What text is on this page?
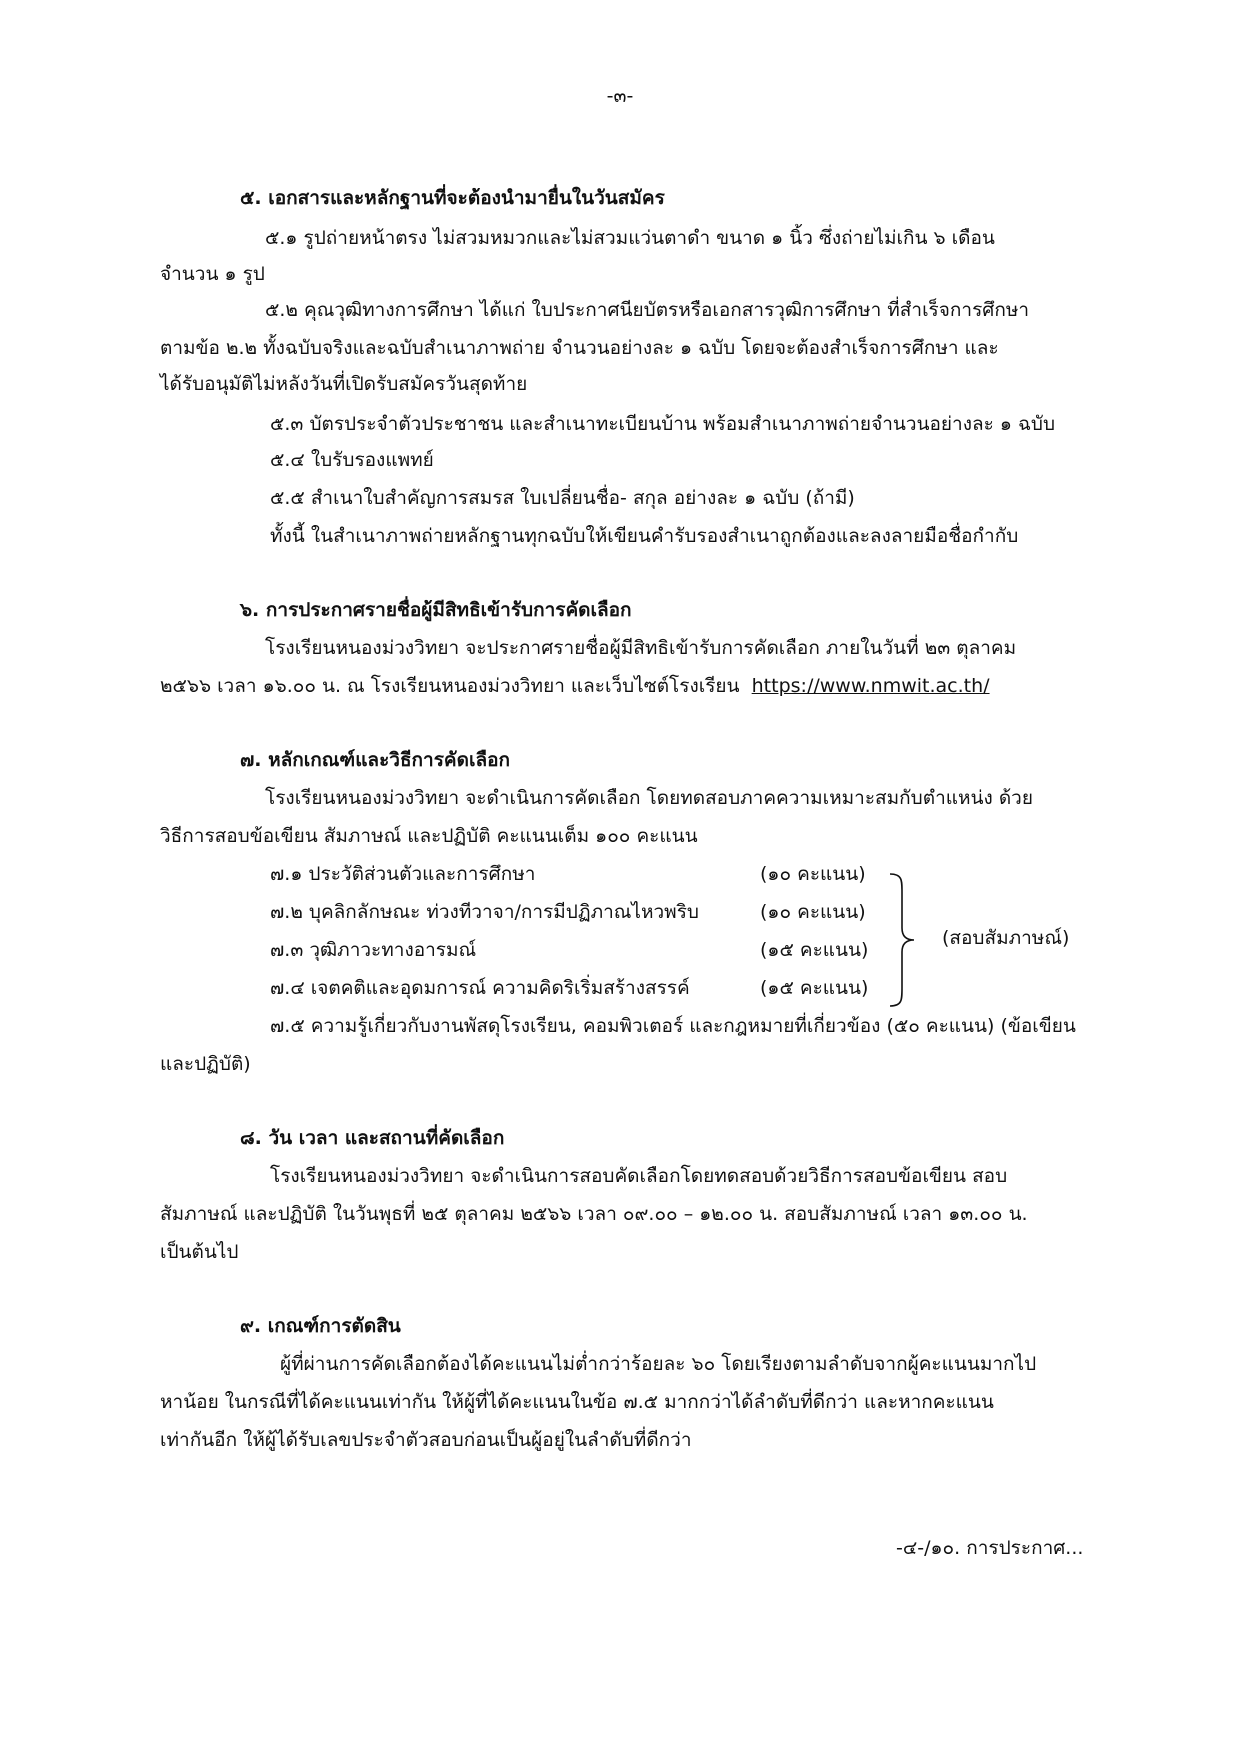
-๓-
๕. เอกสารและหลักฐานที่จะต้องนำมายื่นในวันสมัคร
๕.๑ รูปถ่ายหน้าตรง ไม่สวมหมวกและไม่สวมแว่นตาดำ ขนาด ๑ นิ้ว ซึ่งถ่ายไม่เกิน ๖ เดือน
จำนวน ๑ รูป
๕.๒ คุณวุฒิทางการศึกษา ได้แก่ ใบประกาศนียบัตรหรือเอกสารวุฒิการศึกษา ที่สำเร็จการศึกษา
ตามข้อ ๒.๒ ทั้งฉบับจริงและฉบับสำเนาภาพถ่าย จำนวนอย่างละ ๑ ฉบับ โดยจะต้องสำเร็จการศึกษา และ
ได้รับอนุมัติไม่หลังวันที่เปิดรับสมัครวันสุดท้าย
๕.๓ บัตรประจำตัวประชาชน และสำเนาทะเบียนบ้าน พร้อมสำเนาภาพถ่ายจำนวนอย่างละ ๑ ฉบับ
๕.๔ ใบรับรองแพทย์
๕.๕ สำเนาใบสำคัญการสมรส ใบเปลี่ยนชื่อ- สกุล อย่างละ ๑ ฉบับ (ถ้ามี)
ทั้งนี้ ในสำเนาภาพถ่ายหลักฐานทุกฉบับให้เขียนคำรับรองสำเนาถูกต้องและลงลายมือชื่อกำกับ
๖. การประกาศรายชื่อผู้มีสิทธิเข้ารับการคัดเลือก
โรงเรียนหนองม่วงวิทยา จะประกาศรายชื่อผู้มีสิทธิเข้ารับการคัดเลือก ภายในวันที่ ๒๓ ตุลาคม
๒๕๖๖ เวลา ๑๖.๐๐ น. ณ โรงเรียนหนองม่วงวิทยา และเว็บไซต์โรงเรียน https://www.nmwit.ac.th/
๗. หลักเกณฑ์และวิธีการคัดเลือก
โรงเรียนหนองม่วงวิทยา จะดำเนินการคัดเลือก โดยทดสอบภาคความเหมาะสมกับตำแหน่ง ด้วย
วิธีการสอบข้อเขียน สัมภาษณ์ และปฏิบัติ คะแนนเต็ม ๑๐๐ คะแนน
๗.๑ ประวัติส่วนตัวและการศึกษา	(๑๐ คะแนน)
๗.๒ บุคลิกลักษณะ ท่วงทีวาจา/การมีปฏิภาณไหวพริบ	(๑๐ คะแนน)
๗.๓ วุฒิภาวะทางอารมณ์	(๑๕ คะแนน)
๗.๔ เจตคติและอุดมการณ์ ความคิดริเริ่มสร้างสรรค์	(๑๕ คะแนน)
(สอบสัมภาษณ์)
๗.๕ ความรู้เกี่ยวกับงานพัสดุโรงเรียน, คอมพิวเตอร์ และกฎหมายที่เกี่ยวข้อง (๕๐ คะแนน) (ข้อเขียน
และปฏิบัติ)
๘. วัน เวลา และสถานที่คัดเลือก
โรงเรียนหนองม่วงวิทยา จะดำเนินการสอบคัดเลือกโดยทดสอบด้วยวิธีการสอบข้อเขียน สอบ
สัมภาษณ์ และปฏิบัติ ในวันพุธที่ ๒๕ ตุลาคม ๒๕๖๖ เวลา ๐๙.๐๐ – ๑๒.๐๐ น. สอบสัมภาษณ์ เวลา ๑๓.๐๐ น.
เป็นต้นไป
๙. เกณฑ์การตัดสิน
ผู้ที่ผ่านการคัดเลือกต้องได้คะแนนไม่ต่ำกว่าร้อยละ ๖๐ โดยเรียงตามลำดับจากผู้คะแนนมากไป
หาน้อย ในกรณีที่ได้คะแนนเท่ากัน ให้ผู้ที่ได้คะแนนในข้อ ๗.๕ มากกว่าได้ลำดับที่ดีกว่า และหากคะแนน
เท่ากันอีก ให้ผู้ได้รับเลขประจำตัวสอบก่อนเป็นผู้อยู่ในลำดับที่ดีกว่า
-๔-/๑๐. การประกาศ...
